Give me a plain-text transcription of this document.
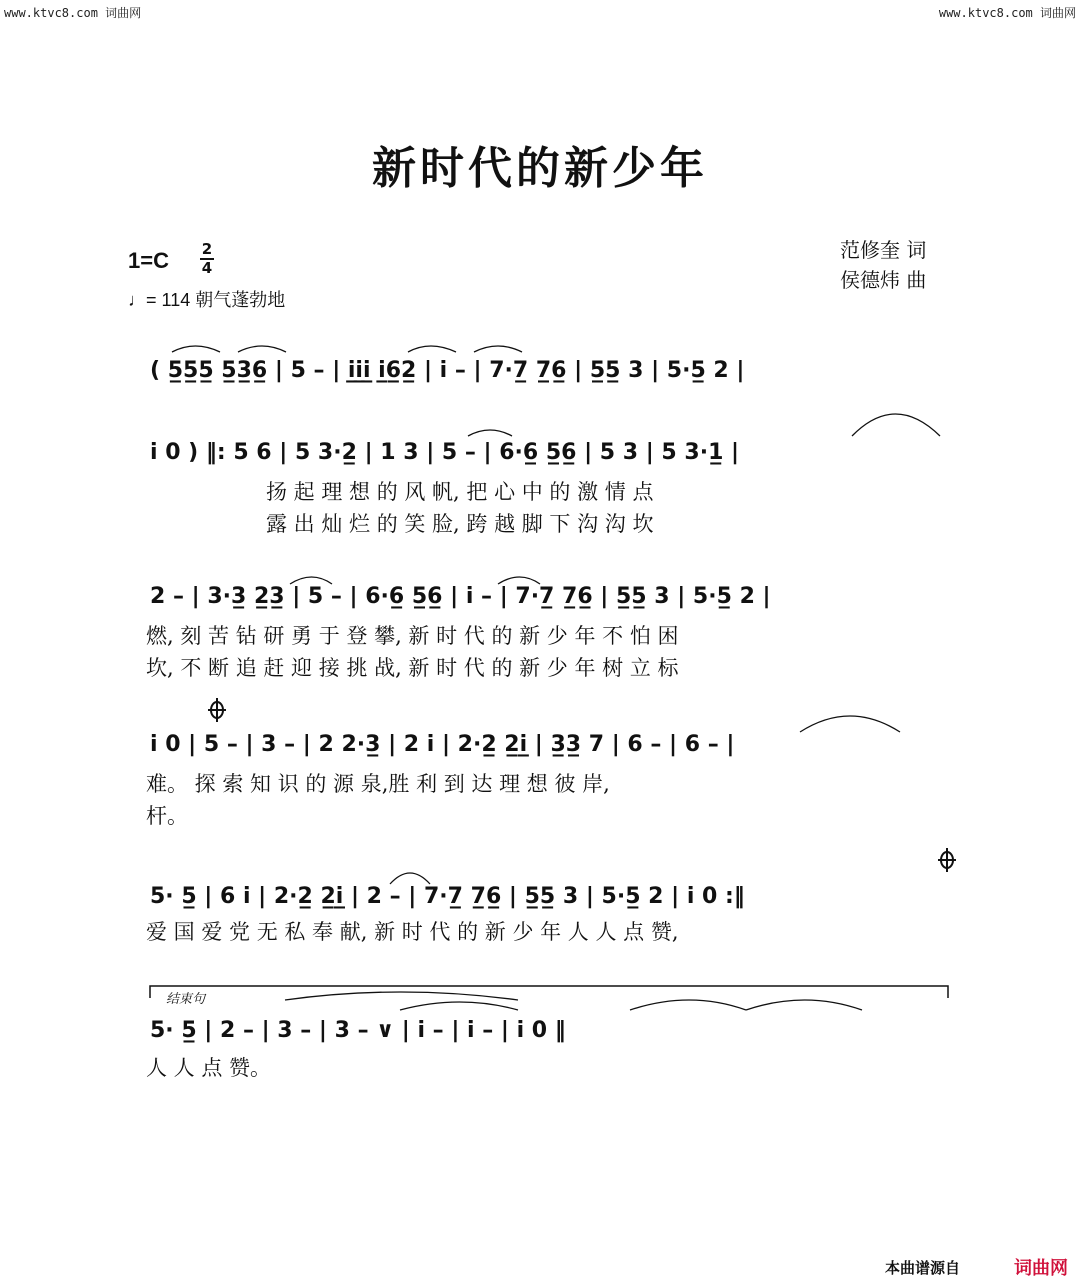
www.ktvc8.com 词曲网	www.ktvc8.com 词曲网
新时代的新少年
1=C 2
4
♩= 114 朝气蓬勃地
范修奎 词
侯德炜 曲
( 5̲5̲5̲ 5̲3̲6̲ | 5 – | i̲i̲i̲ i̲6̲2̲ | i – | 7·7̲ 7̲6̲ | 5̲5̲ 3 | 5·5̲ 2 |
i 0 ) ‖: 5 6 | 5 3·2̲ | 1 3 | 5 – | 6·6̲ 5̲6̲ | 5 3 | 5 3·1̲ |
扬 起 理 想 的 风 帆, 把 心 中 的 激 情 点
露 出 灿 烂 的 笑 脸, 跨 越 脚 下 沟 沟 坎
2 – | 3·3̲ 2̲3̲ | 5 – | 6·6̲ 5̲6̲ | i – | 7·7̲ 7̲6̲ | 5̲5̲ 3 | 5·5̲ 2 |
燃, 刻 苦 钻 研 勇 于 登 攀, 新 时 代 的 新 少 年 不 怕 困
坎, 不 断 追 赶 迎 接 挑 战, 新 时 代 的 新 少 年 树 立 标
i 0 | 5 – | 3 – | 2 2·3̲ | 2 i | 2·2̲ 2̲i̲ | 3̲3̲ 7 | 6 – | 6 – |
难。 探 索 知 识 的 源 泉,胜 利 到 达 理 想 彼 岸,
杆。
5· 5̲ | 6 i | 2·2̲ 2̲i̲ | 2 – | 7·7̲ 7̲6̲ | 5̲5̲ 3 | 5·5̲ 2 | i 0 :‖
爱 国 爱 党 无 私 奉 献, 新 时 代 的 新 少 年 人 人 点 赞,
结束句
5· 5̲ | 2 – | 3 – | 3 – ∨ | i – | i – | i 0 ‖
人 人 点 赞。
本曲谱源自	词曲网
